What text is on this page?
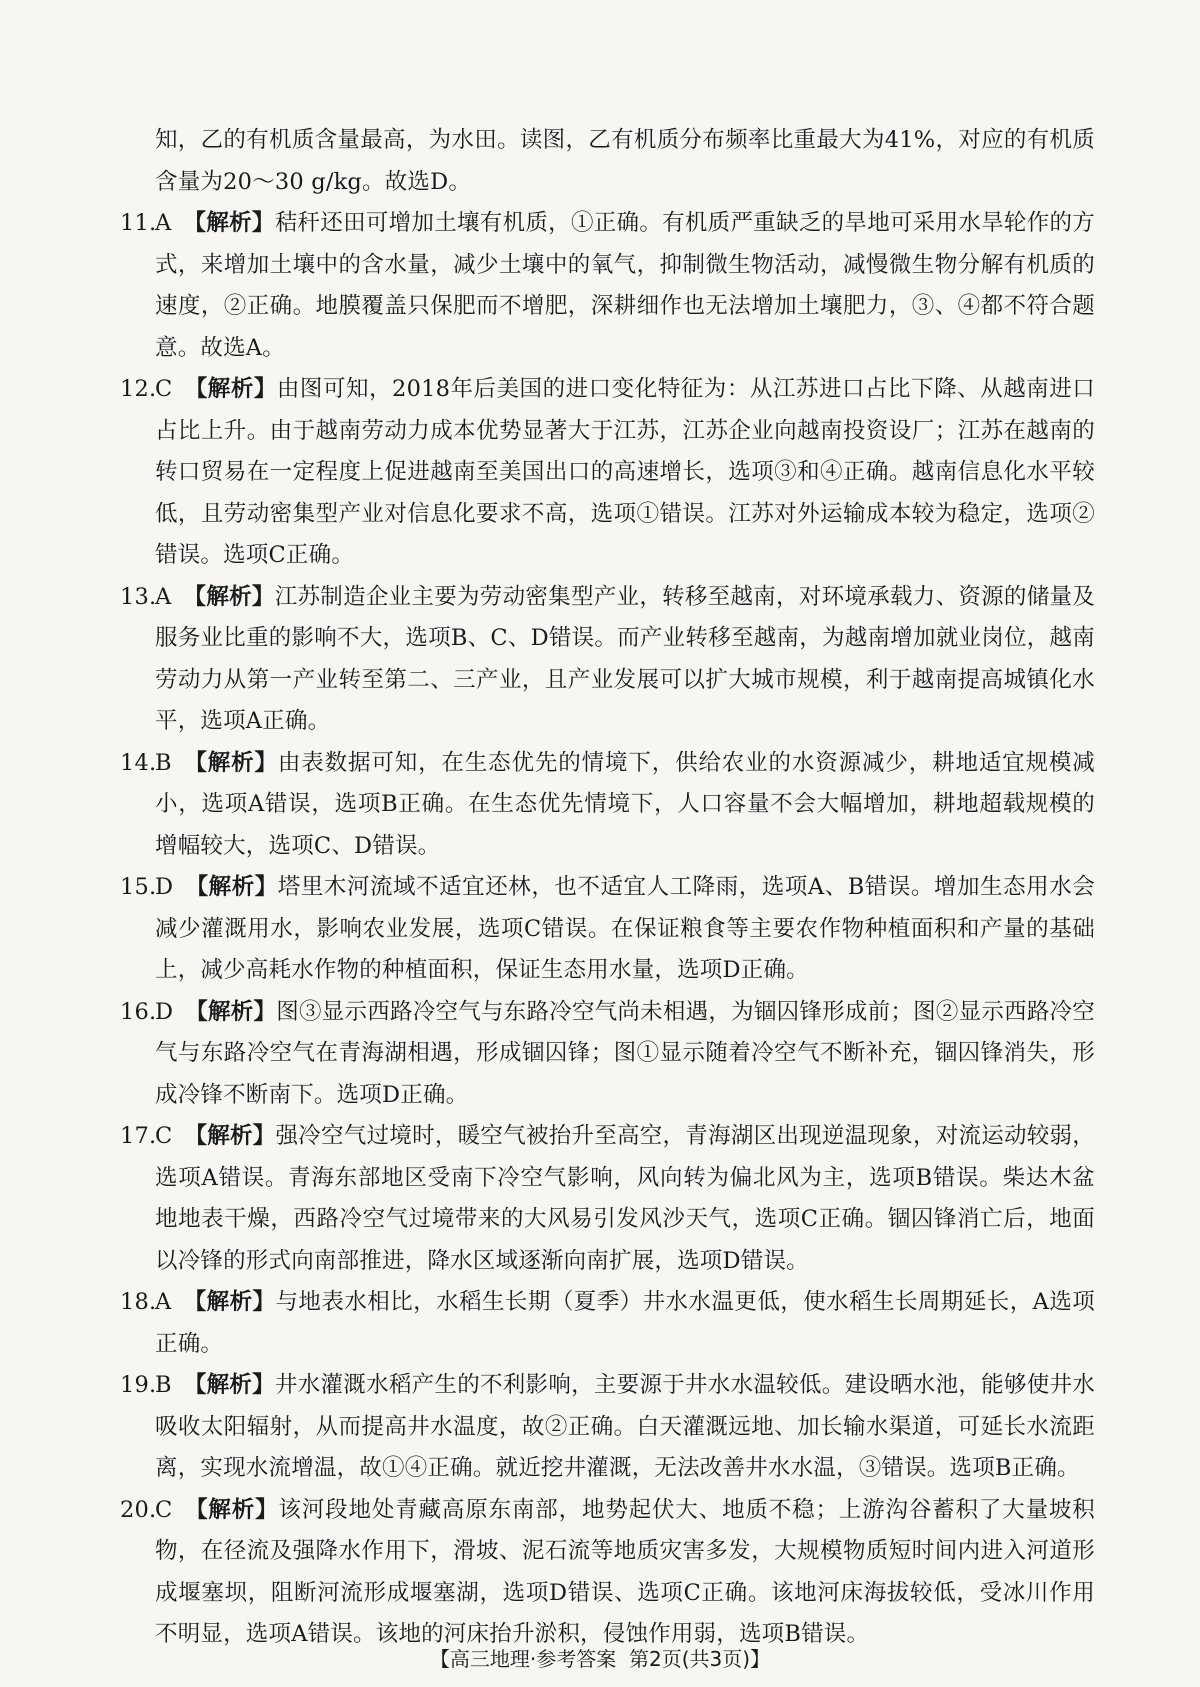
知，乙的有机质含量最高，为水田。读图，乙有机质分布频率比重最大为41%，对应的有机质含量为20～30 g/kg。故选D。

11.
A 【解析】秸秆还田可增加土壤有机质，①正确。有机质严重缺乏的旱地可采用水旱轮作的方式，来增加土壤中的含水量，减少土壤中的氧气，抑制微生物活动，减慢微生物分解有机质的速度，②正确。地膜覆盖只保肥而不增肥，深耕细作也无法增加土壤肥力，③、④都不符合题意。故选A。
12.
C 【解析】由图可知，2018年后美国的进口变化特征为：从江苏进口占比下降、从越南进口占比上升。由于越南劳动力成本优势显著大于江苏，江苏企业向越南投资设厂；江苏在越南的转口贸易在一定程度上促进越南至美国出口的高速增长，选项③和④正确。越南信息化水平较低，且劳动密集型产业对信息化要求不高，选项①错误。江苏对外运输成本较为稳定，选项②错误。选项C正确。
13.
A 【解析】江苏制造企业主要为劳动密集型产业，转移至越南，对环境承载力、资源的储量及服务业比重的影响不大，选项B、C、D错误。而产业转移至越南，为越南增加就业岗位，越南劳动力从第一产业转至第二、三产业，且产业发展可以扩大城市规模，利于越南提高城镇化水平，选项A正确。
14.
B 【解析】由表数据可知，在生态优先的情境下，供给农业的水资源减少，耕地适宜规模减小，选项A错误，选项B正确。在生态优先情境下，人口容量不会大幅增加，耕地超载规模的增幅较大，选项C、D错误。
15.
D 【解析】塔里木河流域不适宜还林，也不适宜人工降雨，选项A、B错误。增加生态用水会减少灌溉用水，影响农业发展，选项C错误。在保证粮食等主要农作物种植面积和产量的基础上，减少高耗水作物的种植面积，保证生态用水量，选项D正确。
16.
D 【解析】图③显示西路冷空气与东路冷空气尚未相遇，为锢囚锋形成前；图②显示西路冷空气与东路冷空气在青海湖相遇，形成锢囚锋；图①显示随着冷空气不断补充，锢囚锋消失，形成冷锋不断南下。选项D正确。
17.
C 【解析】强冷空气过境时，暖空气被抬升至高空，青海湖区出现逆温现象，对流运动较弱，选项A错误。青海东部地区受南下冷空气影响，风向转为偏北风为主，选项B错误。柴达木盆地地表干燥，西路冷空气过境带来的大风易引发风沙天气，选项C正确。锢囚锋消亡后，地面以冷锋的形式向南部推进，降水区域逐渐向南扩展，选项D错误。
18.
A 【解析】与地表水相比，水稻生长期（夏季）井水水温更低，使水稻生长周期延长，A选项正确。
19.
B 【解析】井水灌溉水稻产生的不利影响，主要源于井水水温较低。建设晒水池，能够使井水吸收太阳辐射，从而提高井水温度，故②正确。白天灌溉远地、加长输水渠道，可延长水流距离，实现水流增温，故①④正确。就近挖井灌溉，无法改善井水水温，③错误。选项B正确。
20.
C 【解析】该河段地处青藏高原东南部，地势起伏大、地质不稳；上游沟谷蓄积了大量坡积物，在径流及强降水作用下，滑坡、泥石流等地质灾害多发，大规模物质短时间内进入河道形成堰塞坝，阻断河流形成堰塞湖，选项D错误、选项C正确。该地河床海拔较低，受冰川作用不明显，选项A错误。该地的河床抬升淤积，侵蚀作用弱，选项B错误。
【高三地理·参考答案 第2页(共3页)】
